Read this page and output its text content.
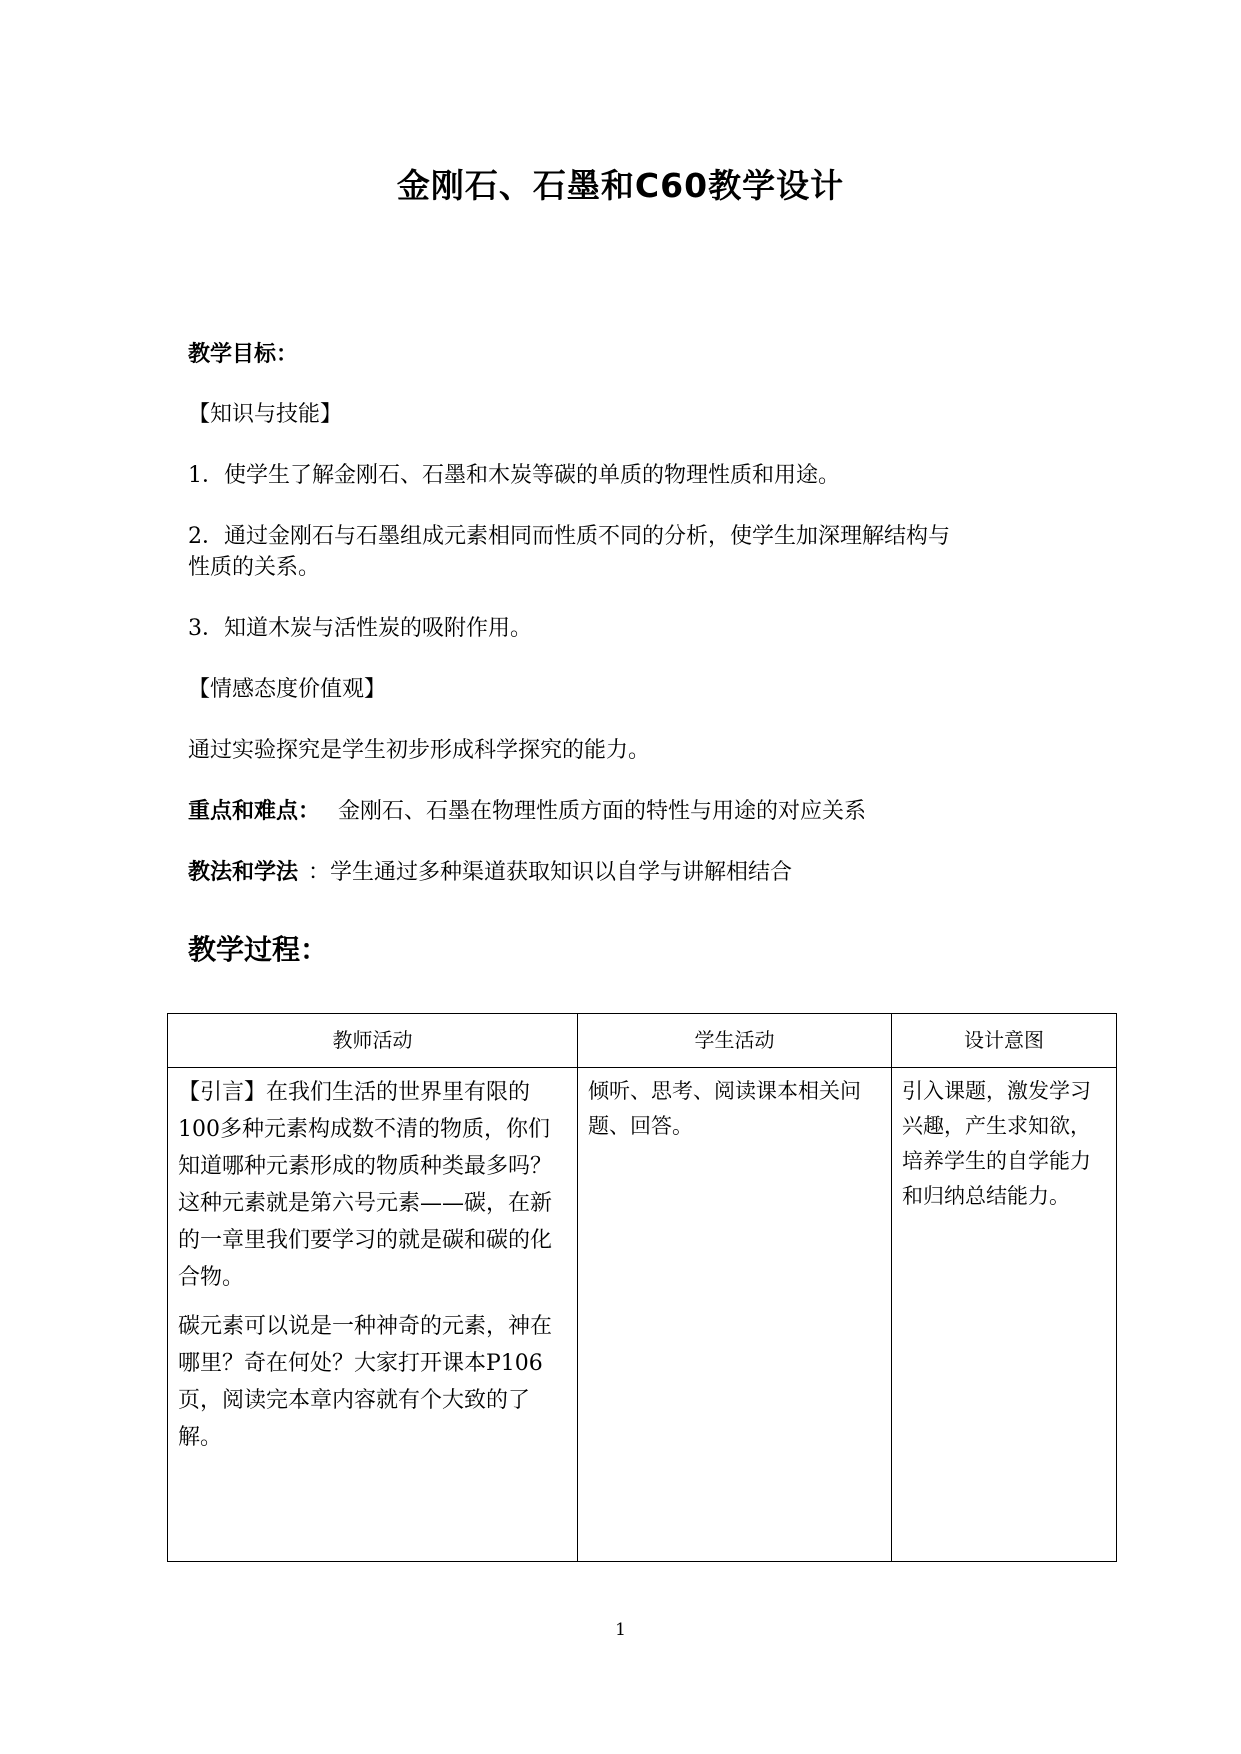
金刚石、石墨和C60教学设计
教学目标：
【知识与技能】
1．使学生了解金刚石、石墨和木炭等碳的单质的物理性质和用途。
2．通过金刚石与石墨组成元素相同而性质不同的分析，使学生加深理解结构与
性质的关系。
3．知道木炭与活性炭的吸附作用。
【情感态度价值观】
通过实验探究是学生初步形成科学探究的能力。
重点和难点： 金刚石、石墨在物理性质方面的特性与用途的对应关系
教法和学法 ：学生通过多种渠道获取知识以自学与讲解相结合
教学过程：
教师活动	学生活动	设计意图

【引言】在我们生活的世界里有限的100多种元素构成数不清的物质，你们知道哪种元素形成的物质种类最多吗？这种元素就是第六号元素——碳，在新的一章里我们要学习的就是碳和碳的化合物。

碳元素可以说是一种神奇的元素，神在哪里？奇在何处？大家打开课本P106页，阅读完本章内容就有个大致的了解。	倾听、思考、阅读课本相关问题、回答。	引入课题，激发学习兴趣，产生求知欲，培养学生的自学能力和归纳总结能力。
1
